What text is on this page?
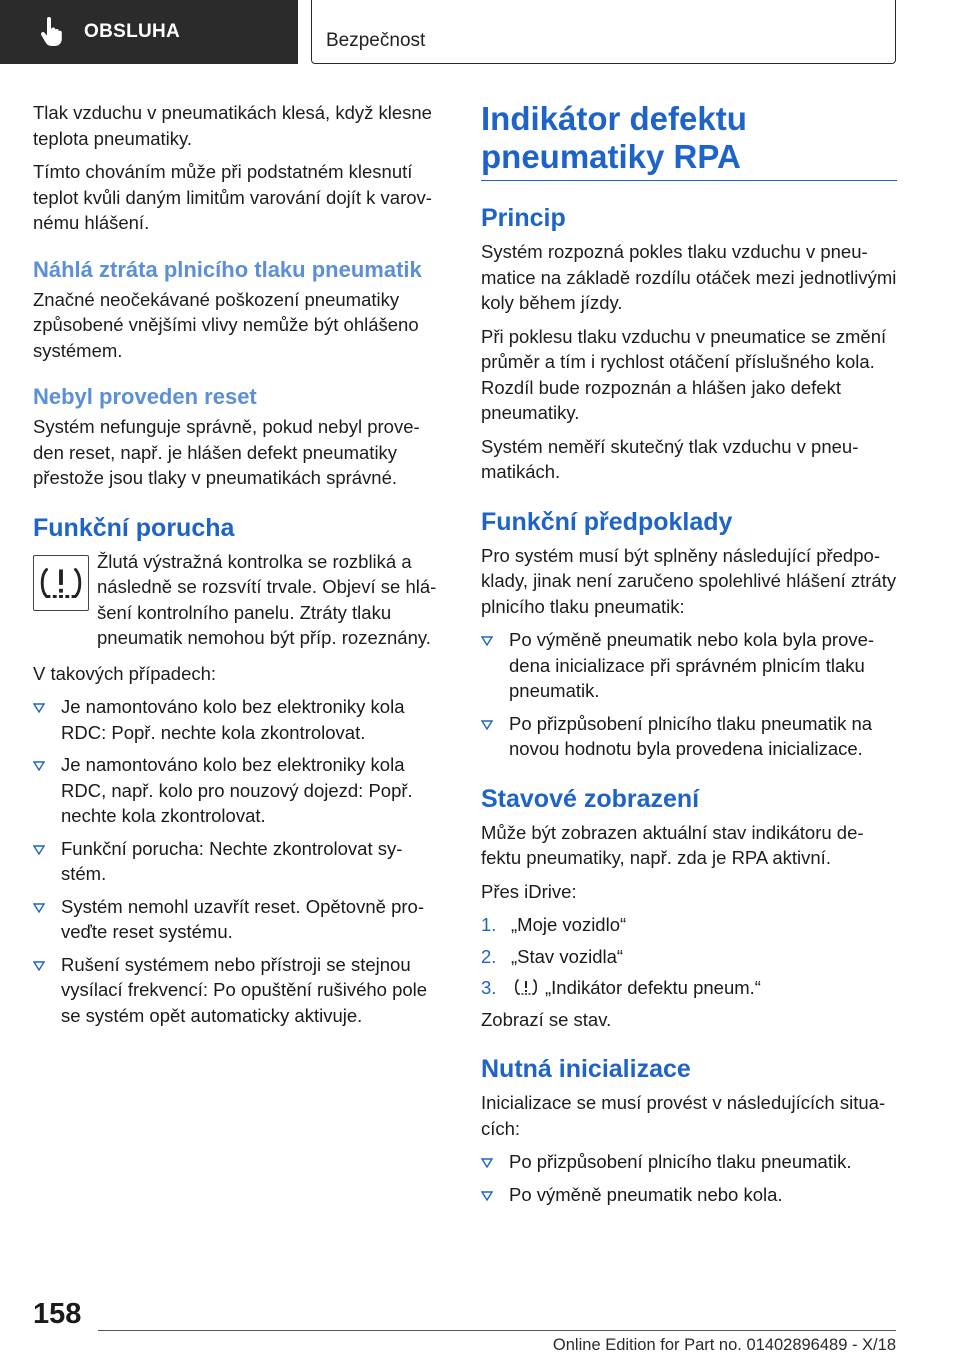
OBSLUHA	Bezpečnost

Tlak vzduchu v pneumatikách klesá, když klesne teplota pneumatiky.

Tímto chováním může při podstatném klesnutí teplot kvůli daným limitům varování dojít k varovnému hlášení.

Náhlá ztráta plnicího tlaku pneumatik

Značné neočekávané poškození pneumatiky způsobené vnějšími vlivy nemůže být ohlášeno systémem.

Nebyl proveden reset

Systém nefunguje správně, pokud nebyl proveden reset, např. je hlášen defekt pneumatiky přestože jsou tlaky v pneumatikách správné.

Funkční porucha

Žlutá výstražná kontrolka se rozbliká a následně se rozsvítí trvale. Objeví se hlášení kontrolního panelu. Ztráty tlaku pneumatik nemohou být příp. rozeznány.

V takových případech:

Je namontováno kolo bez elektroniky kola RDC: Popř. nechte kola zkontrolovat.
Je namontováno kolo bez elektroniky kola RDC, např. kolo pro nouzový dojezd: Popř. nechte kola zkontrolovat.
Funkční porucha: Nechte zkontrolovat systém.
Systém nemohl uzavřít reset. Opětovně proveďte reset systému.
Rušení systémem nebo přístroji se stejnou vysílací frekvencí: Po opuštění rušivého pole se systém opět automaticky aktivuje.
Indikátor defektu pneumatiky RPA
Princip

Systém rozpozná pokles tlaku vzduchu v pneumatice na základě rozdílu otáček mezi jednotlivými koly během jízdy.

Při poklesu tlaku vzduchu v pneumatice se změní průměr a tím i rychlost otáčení příslušného kola. Rozdíl bude rozpoznán a hlášen jako defekt pneumatiky.

Systém neměří skutečný tlak vzduchu v pneumatikách.

Funkční předpoklady

Pro systém musí být splněny následující předpoklady, jinak není zaručeno spolehlivé hlášení ztráty plnicího tlaku pneumatik:

Po výměně pneumatik nebo kola byla provedena inicializace při správném plnicím tlaku pneumatik.
Po přizpůsobení plnicího tlaku pneumatik na novou hodnotu byla provedena inicializace.
Stavové zobrazení

Může být zobrazen aktuální stav indikátoru defektu pneumatiky, např. zda je RPA aktivní.

Přes iDrive:

1. „Moje vozidlo“
2. „Stav vozidla“
3.	„Indikátor defektu pneum.“

Zobrazí se stav.

Nutná inicializace

Inicializace se musí provést v následujících situacích:

Po přizpůsobení plnicího tlaku pneumatik.
Po výměně pneumatik nebo kola.
158
Online Edition for Part no. 01402896489 - X/18
